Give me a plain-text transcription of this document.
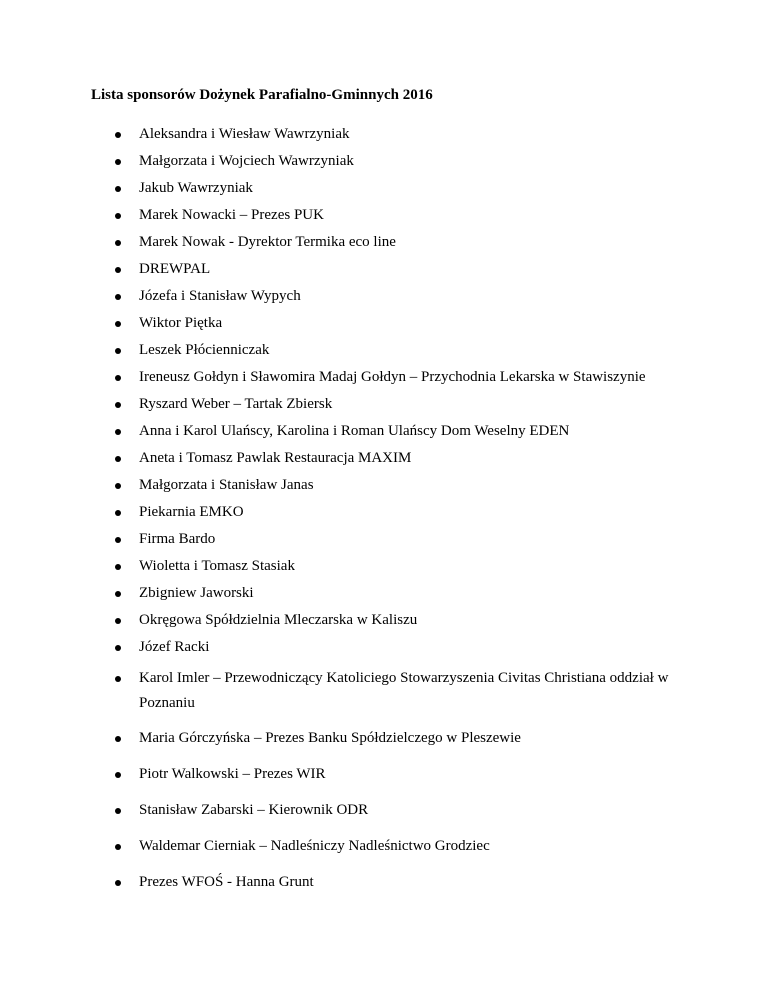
Lista sponsorów Dożynek Parafialno-Gminnych 2016
Aleksandra i Wiesław Wawrzyniak
Małgorzata i Wojciech Wawrzyniak
Jakub Wawrzyniak
Marek Nowacki – Prezes PUK
Marek Nowak - Dyrektor Termika eco line
DREWPAL
Józefa i Stanisław Wypych
Wiktor Piętka
Leszek Płócienniczak
Ireneusz Gołdyn i Sławomira Madaj Gołdyn – Przychodnia Lekarska w Stawiszynie
Ryszard Weber – Tartak Zbiersk
Anna i Karol Ulańscy, Karolina i Roman Ulańscy Dom Weselny EDEN
Aneta i Tomasz Pawlak Restauracja MAXIM
Małgorzata i Stanisław Janas
Piekarnia EMKO
Firma Bardo
Wioletta i Tomasz Stasiak
Zbigniew Jaworski
Okręgowa Spółdzielnia Mleczarska w Kaliszu
Józef Racki
Karol Imler – Przewodniczący Katoliciego Stowarzyszenia Civitas Christiana oddział w Poznaniu
Maria Górczyńska – Prezes Banku Spółdzielczego w Pleszewie
Piotr Walkowski – Prezes WIR
Stanisław Zabarski – Kierownik ODR
Waldemar Cierniak – Nadleśniczy Nadleśnictwo Grodziec
Prezes WFOŚ - Hanna Grunt
